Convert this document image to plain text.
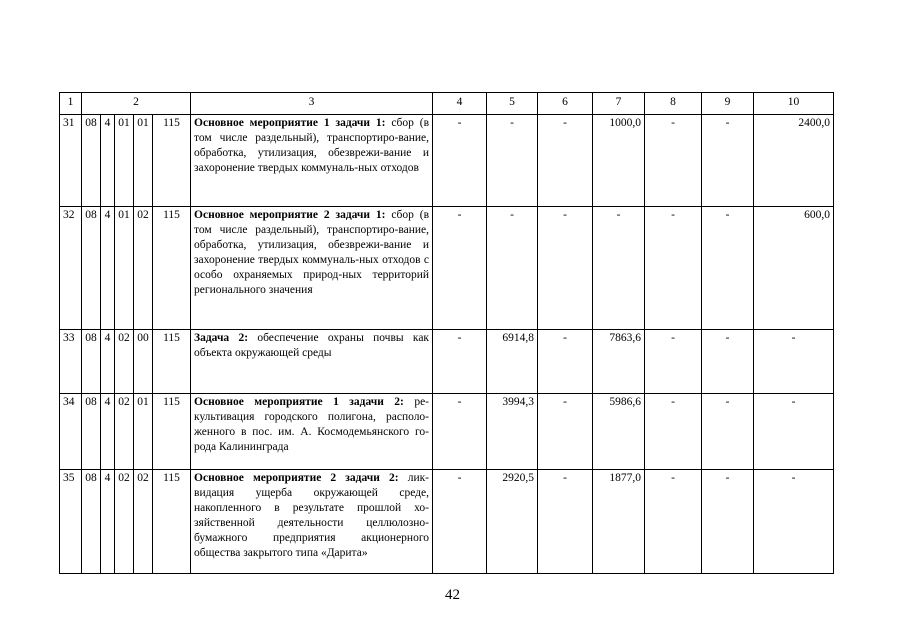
1	2					3	4	5	6	7	8	9	10
31	08	4	01	01	115	Основное мероприятие 1 задачи 1: сбор (в том числе раздельный), транспортиро-вание, обработка, утилизация, обезврежи-вание и захоронение твердых коммуналь-ных отходов	-	-	-	1000,0	-	-	2400,0
32	08	4	01	02	115	Основное мероприятие 2 задачи 1: сбор (в том числе раздельный), транспортиро-вание, обработка, утилизация, обезврежи-вание и захоронение твердых коммуналь-ных отходов с особо охраняемых природ-ных территорий регионального значения	-	-	-	-	-	-	600,0
33	08	4	02	00	115	Задача 2: обеспечение охраны почвы как объекта окружающей среды	-	6914,8	-	7863,6	-	-	-
34	08	4	02	01	115	Основное мероприятие 1 задачи 2: ре-культивация городского полигона, располо-женного в пос. им. А. Космодемьянского го-рода Калининграда	-	3994,3	-	5986,6	-	-	-
35	08	4	02	02	115	Основное мероприятие 2 задачи 2: лик-видация ущерба окружающей среде, накопленного в результате прошлой хо-зяйственной деятельности целлюлозно-бумажного предприятия акционерного общества закрытого типа «Дарита»	-	2920,5	-	1877,0	-	-	-
42
